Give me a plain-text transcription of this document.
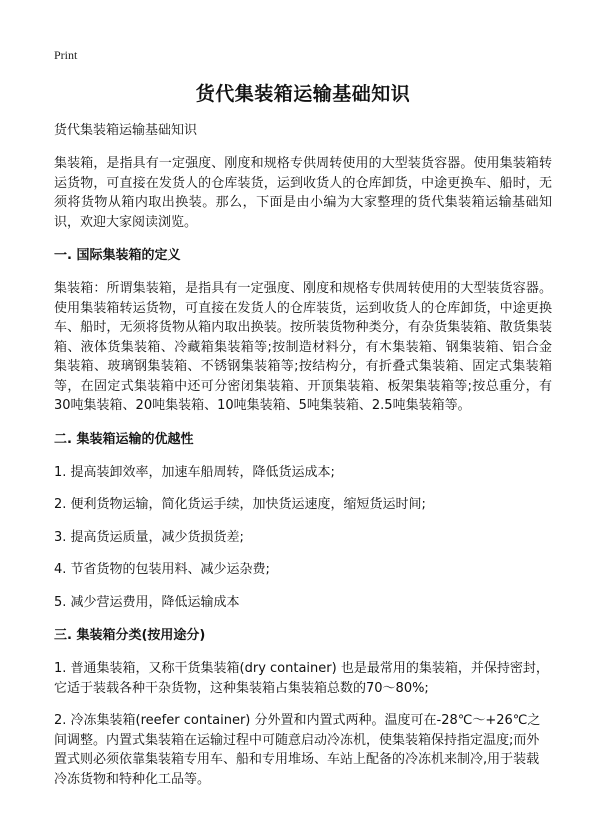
Print
货代集装箱运输基础知识

货代集装箱运输基础知识

集装箱，是指具有一定强度、刚度和规格专供周转使用的大型装货容器。使用集装箱转运货物，可直接在发货人的仓库装货，运到收货人的仓库卸货，中途更换车、船时，无须将货物从箱内取出换装。那么，下面是由小编为大家整理的货代集装箱运输基础知识，欢迎大家阅读浏览。

一. 国际集装箱的定义

集装箱：所谓集装箱，是指具有一定强度、刚度和规格专供周转使用的大型装货容器。使用集装箱转运货物，可直接在发货人的仓库装货，运到收货人的仓库卸货，中途更换车、船时，无须将货物从箱内取出换装。按所装货物种类分，有杂货集装箱、散货集装箱、液体货集装箱、冷藏箱集装箱等;按制造材料分，有木集装箱、钢集装箱、铝合金集装箱、玻璃钢集装箱、不锈钢集装箱等;按结构分，有折叠式集装箱、固定式集装箱等，在固定式集装箱中还可分密闭集装箱、开顶集装箱、板架集装箱等;按总重分，有30吨集装箱、20吨集装箱、10吨集装箱、5吨集装箱、2.5吨集装箱等。

二. 集装箱运输的优越性

1. 提高装卸效率，加速车船周转，降低货运成本;

2. 便利货物运输，简化货运手续，加快货运速度，缩短货运时间;

3. 提高货运质量，减少货损货差;

4. 节省货物的包装用料、减少运杂费;

5. 减少营运费用，降低运输成本

三. 集装箱分类(按用途分)

1. 普通集装箱，又称干货集装箱(dry container) 也是最常用的集装箱，并保持密封，它适于装载各种干杂货物，这种集装箱占集装箱总数的70～80%;

2. 冷冻集装箱(reefer container) 分外置和内置式两种。温度可在-28℃～+26℃之间调整。内置式集装箱在运输过程中可随意启动冷冻机，使集装箱保持指定温度;而外置式则必须依靠集装箱专用车、船和专用堆场、车站上配备的冷冻机来制冷,用于装载冷冻货物和特种化工品等。
